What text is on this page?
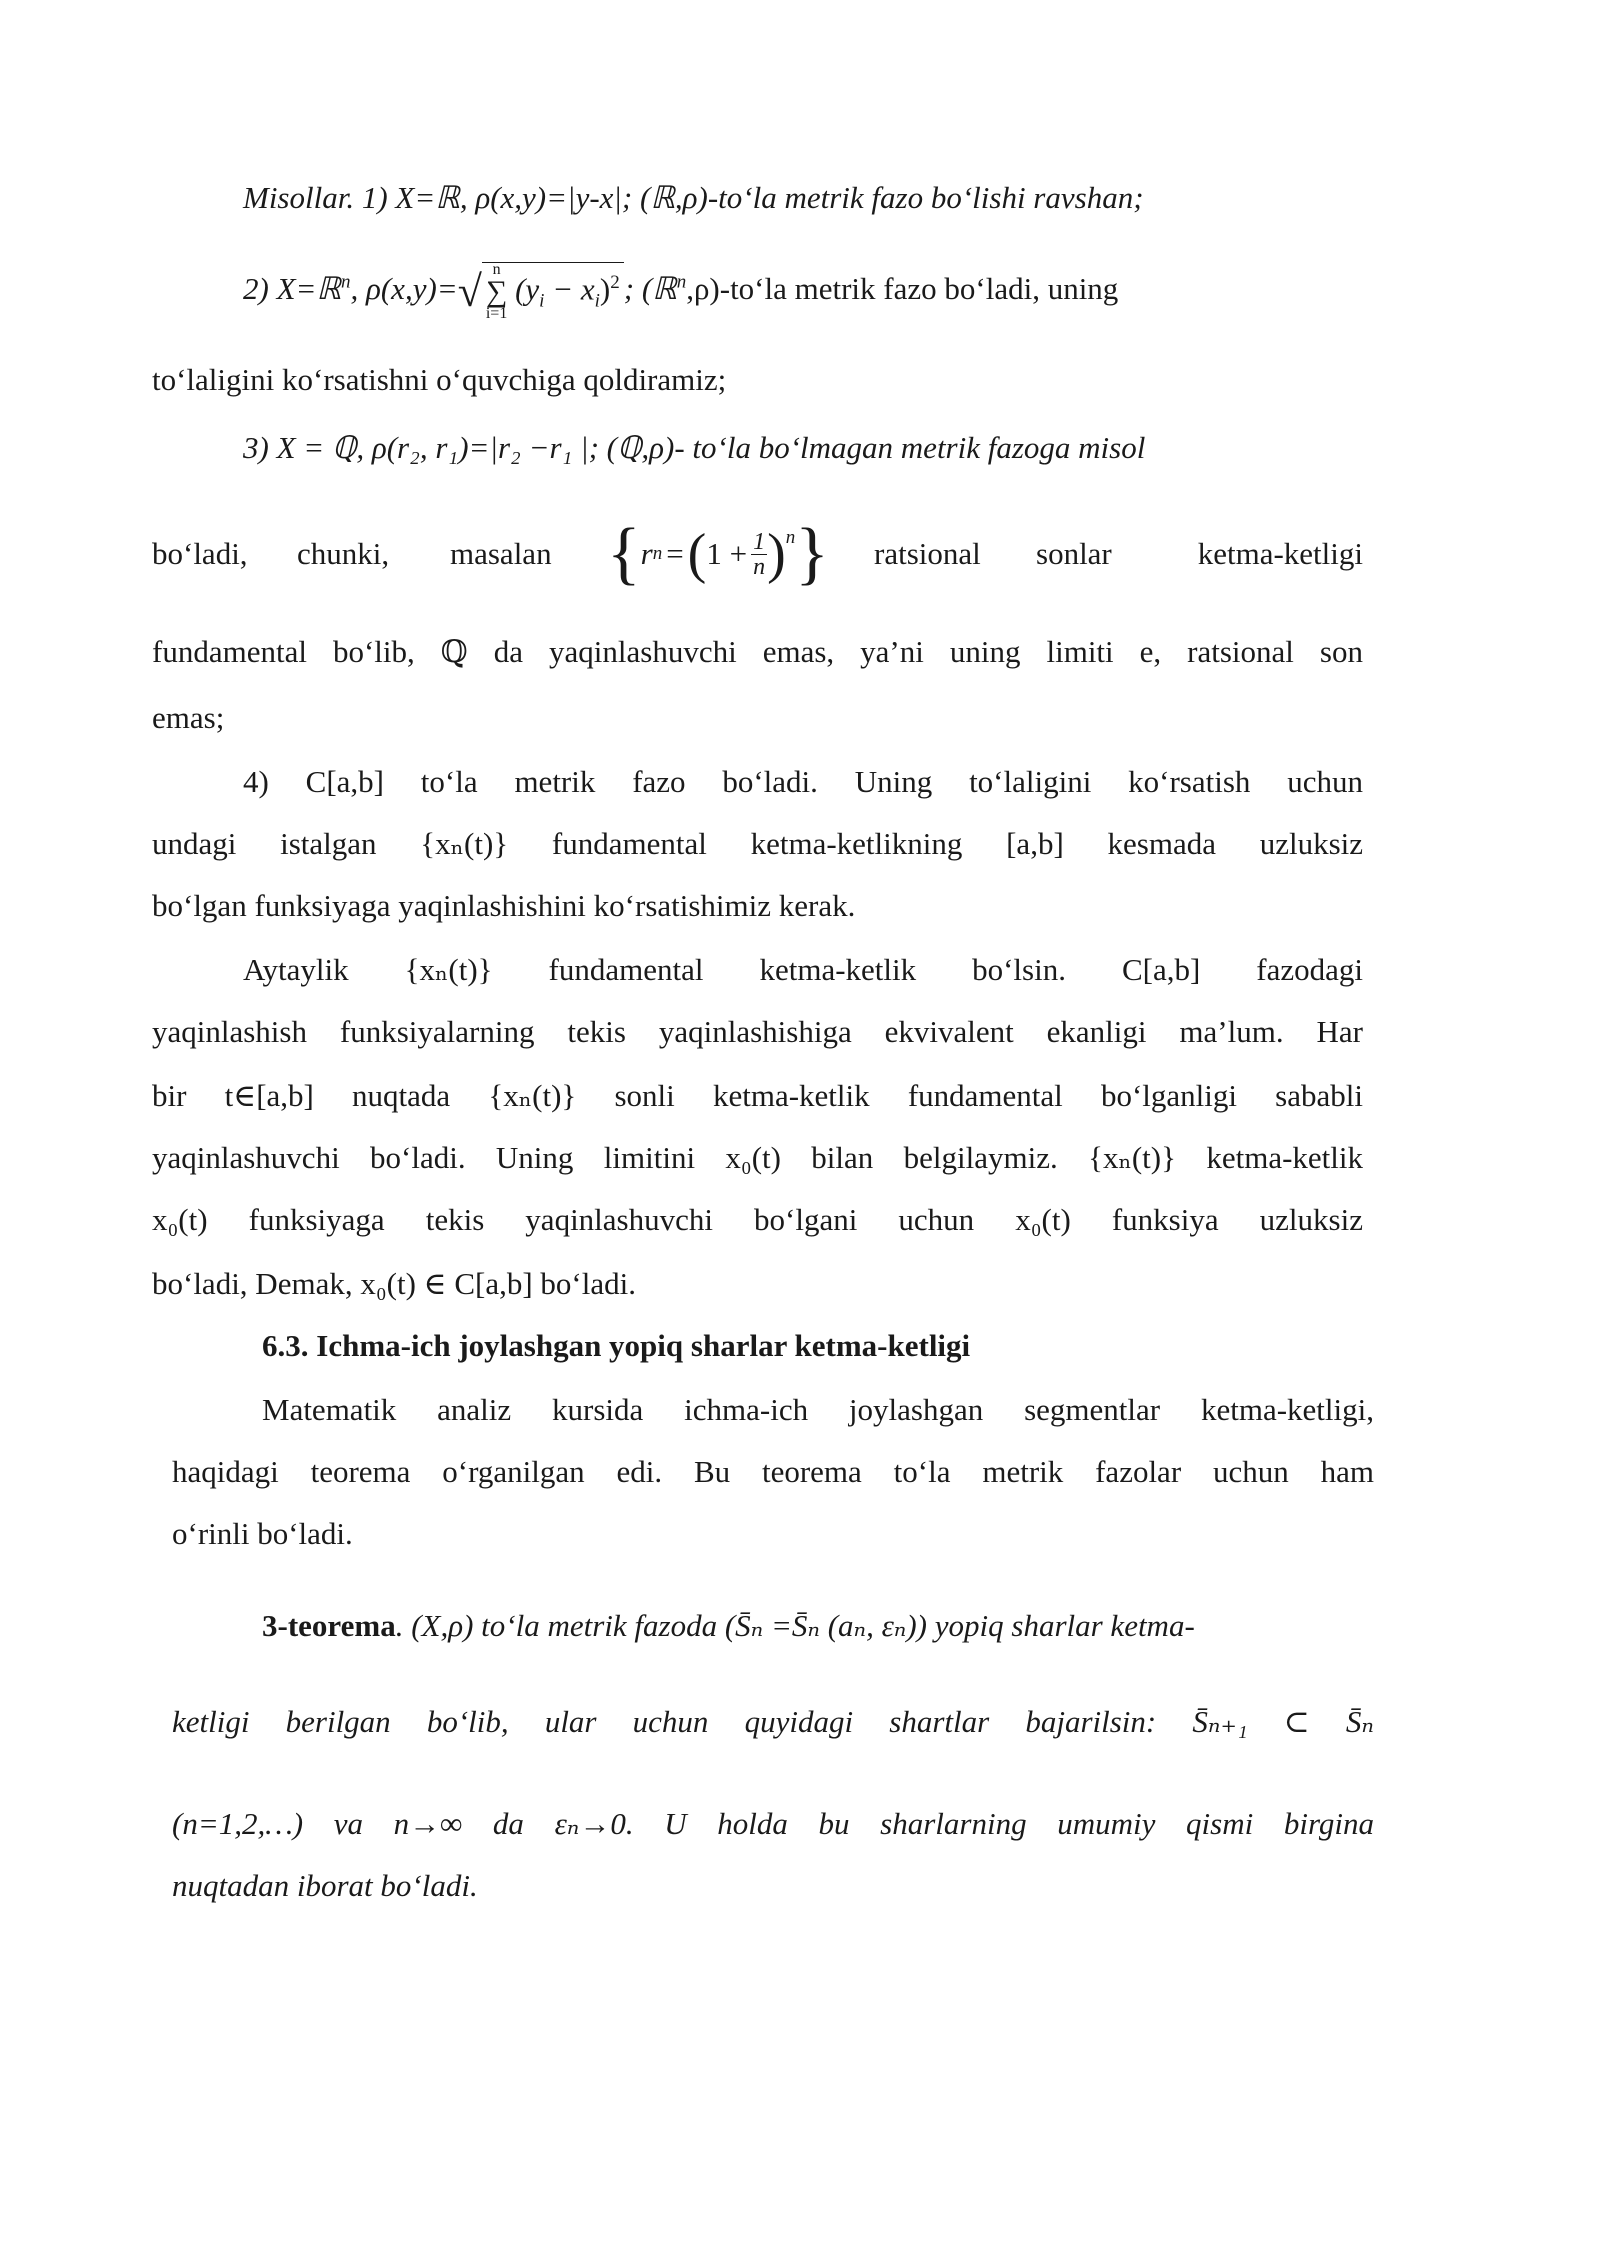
Misollar. 1) X=ℝ, ρ(x,y)=|y-x|; (ℝ,ρ)-to‘la metrik fazo bo‘lishi ravshan;
2) X=ℝ$^n$, ρ(x,y)=√ n
∑
i=1
$(y_i - x_i)^2$ ; (ℝ$^n$,ρ)-to‘la metrik fazo bo‘ladi, uning
to‘laligini ko‘rsatishni o‘quvchiga qoldiramiz;
3) X = ℚ, ρ(r₂, r₁)=|r₂ −r₁ |; (ℚ,ρ)- to‘la bo‘lmagan metrik fazoga misol
bo‘ladi, chunki, masalan { r n = ( $1 + \frac{1}{n} )^n$ } ratsional sonlar	ketma-ketligi
fundamental bo‘lib, ℚ da yaqinlashuvchi emas, ya’ni uning limiti e, ratsional son
emas;
4) C[a,b] to‘la metrik fazo bo‘ladi. Uning to‘laligini ko‘rsatish uchun
undagi istalgan {xₙ(t)} fundamental ketma-ketlikning [a,b] kesmada uzluksiz
bo‘lgan funksiyaga yaqinlashishini ko‘rsatishimiz kerak.
Aytaylik {xₙ(t)} fundamental ketma-ketlik bo‘lsin. C[a,b] fazodagi
yaqinlashish funksiyalarning tekis yaqinlashishiga ekvivalent ekanligi ma’lum. Har
bir t∈[a,b] nuqtada {xₙ(t)} sonli ketma-ketlik fundamental bo‘lganligi sababli
yaqinlashuvchi bo‘ladi. Uning limitini x₀(t) bilan belgilaymiz. {xₙ(t)} ketma-ketlik
x₀(t) funksiyaga tekis yaqinlashuvchi bo‘lgani uchun x₀(t) funksiya uzluksiz
bo‘ladi, Demak, x₀(t) ∈ C[a,b] bo‘ladi.
6.3. Ichma-ich joylashgan yopiq sharlar ketma-ketligi
Matematik analiz kursida ichma-ich joylashgan segmentlar ketma-ketligi,
haqidagi teorema o‘rganilgan edi. Bu teorema to‘la metrik fazolar uchun ham
o‘rinli bo‘ladi.
3-teorema. (X,ρ) to‘la metrik fazoda (S̄ₙ =S̄ₙ (aₙ, εₙ)) yopiq sharlar ketma-
ketligi berilgan bo‘lib, ular uchun quyidagi shartlar bajarilsin: S̄ₙ₊₁ ⊂ S̄ₙ
(n=1,2,…) va n→∞ da εₙ→0. U holda bu sharlarning umumiy qismi birgina
nuqtadan iborat bo‘ladi.
